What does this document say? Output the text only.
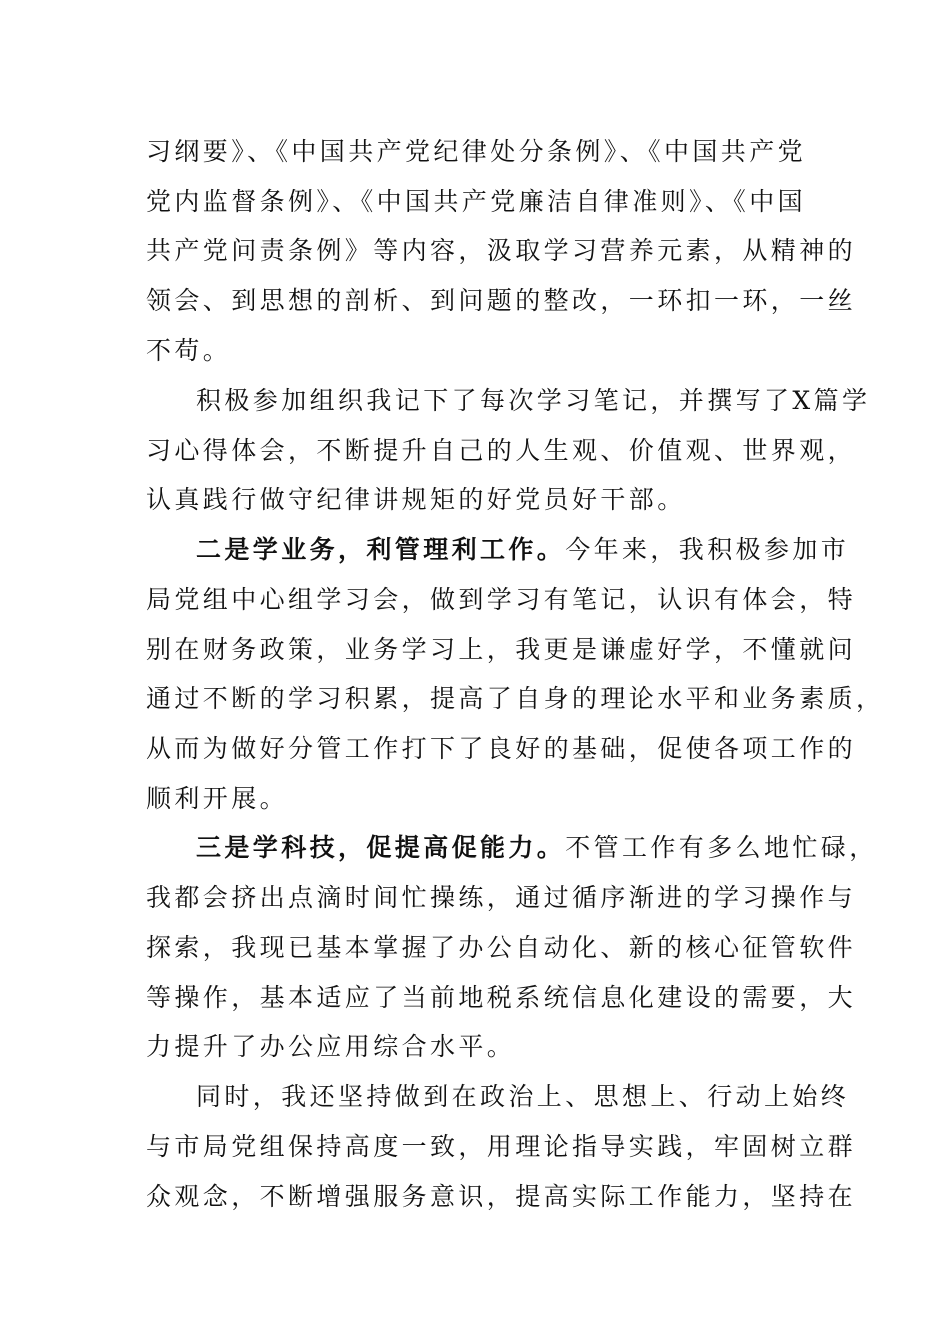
习纲要》、《中国共产党纪律处分条例》、《中国共产党
党内监督条例》、《中国共产党廉洁自律准则》、《中国
共产党问责条例》等内容，汲取学习营养元素，从精神的
领会、到思想的剖析、到问题的整改，一环扣一环，一丝
不苟。
积极参加组织我记下了每次学习笔记，并撰写了X篇学
习心得体会，不断提升自己的人生观、价值观、世界观，
认真践行做守纪律讲规矩的好党员好干部。
二是学业务，利管理利工作。今年来，我积极参加市
局党组中心组学习会，做到学习有笔记，认识有体会，特
别在财务政策，业务学习上，我更是谦虚好学，不懂就问
通过不断的学习积累，提高了自身的理论水平和业务素质，
从而为做好分管工作打下了良好的基础，促使各项工作的
顺利开展。
三是学科技，促提高促能力。不管工作有多么地忙碌，
我都会挤出点滴时间忙操练，通过循序渐进的学习操作与
探索，我现已基本掌握了办公自动化、新的核心征管软件
等操作，基本适应了当前地税系统信息化建设的需要，大
力提升了办公应用综合水平。
同时，我还坚持做到在政治上、思想上、行动上始终
与市局党组保持高度一致，用理论指导实践，牢固树立群
众观念，不断增强服务意识，提高实际工作能力，坚持在
